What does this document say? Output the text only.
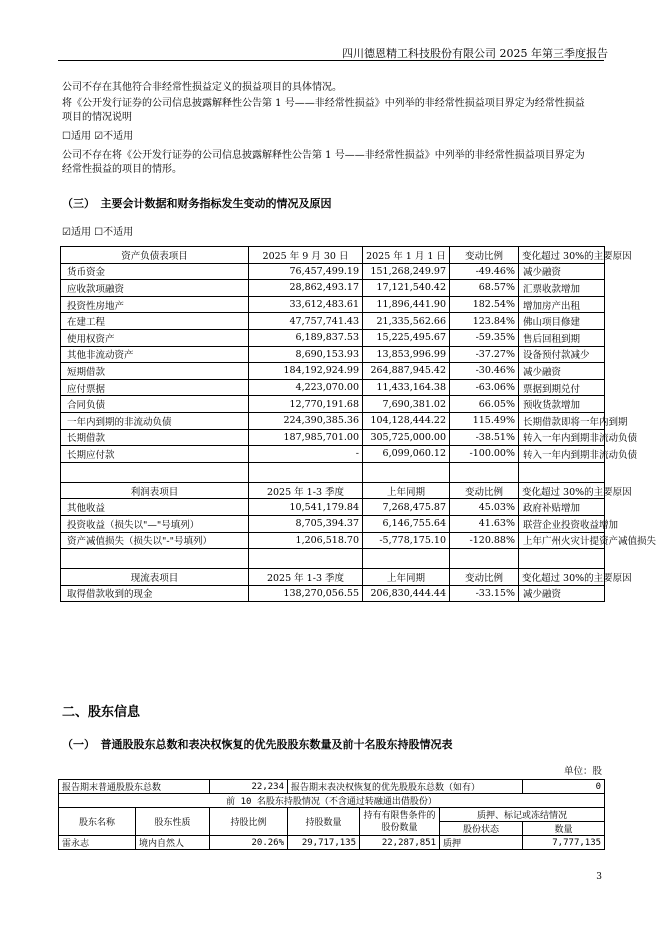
四川德恩精工科技股份有限公司 2025 年第三季度报告
公司不存在其他符合非经常性损益定义的损益项目的具体情况。
将《公开发行证券的公司信息披露解释性公告第 1 号——非经常性损益》中列举的非经常性损益项目界定为经常性损益
项目的情况说明
☐适用 ☑不适用
公司不存在将《公开发行证券的公司信息披露解释性公告第 1 号——非经常性损益》中列举的非经常性损益项目界定为
经常性损益的项目的情形。
（三）　主要会计数据和财务指标发生变动的情况及原因
☑适用 ☐不适用
资产负债表项目	2025 年 9 月 30 日	2025 年 1 月 1 日	变动比例	变化超过 30%的主要原因
货币资金	76,457,499.19	151,268,249.97	-49.46%	减少融资
应收款项融资	28,862,493.17	17,121,540.42	68.57%	汇票收款增加
投资性房地产	33,612,483.61	11,896,441.90	182.54%	增加房产出租
在建工程	47,757,741.43	21,335,562.66	123.84%	佛山项目修建
使用权资产	6,189,837.53	15,225,495.67	-59.35%	售后回租到期
其他非流动资产	8,690,153.93	13,853,996.99	-37.27%	设备预付款减少
短期借款	184,192,924.99	264,887,945.42	-30.46%	减少融资
应付票据	4,223,070.00	11,433,164.38	-63.06%	票据到期兑付
合同负债	12,770,191.68	7,690,381.02	66.05%	预收货款增加
一年内到期的非流动负债	224,390,385.36	104,128,444.22	115.49%	长期借款即将一年内到期
长期借款	187,985,701.00	305,725,000.00	-38.51%	转入一年内到期非流动负债
长期应付款	-	6,099,060.12	-100.00%	转入一年内到期非流动负债

利润表项目	2025 年 1-3 季度	上年同期	变动比例	变化超过 30%的主要原因
其他收益	10,541,179.84	7,268,475.87	45.03%	政府补贴增加
投资收益（损失以"—"号填列）	8,705,394.37	6,146,755.64	41.63%	联营企业投资收益增加
资产减值损失（损失以"-"号填列）	1,206,518.70	-5,778,175.10	-120.88%	上年广州火灾计提资产减值损失

现流表项目	2025 年 1-3 季度	上年同期	变动比例	变化超过 30%的主要原因
取得借款收到的现金	138,270,056.55	206,830,444.44	-33.15%	减少融资
二、股东信息
（一）　普通股股东总数和表决权恢复的优先股股东数量及前十名股东持股情况表
单位：股
报告期末普通股股东总数		22,234	报告期末表决权恢复的优先股股东总数（如有）			0
前 10 名股东持股情况（不含通过转融通出借股份）						
股东名称	股东性质	持股比例	持股数量	持有有限售条件的股份数量	质押、标记或冻结情况	
					股份状态	数量
雷永志	境内自然人	20.26%	29,717,135	22,287,851	质押	7,777,135
3
